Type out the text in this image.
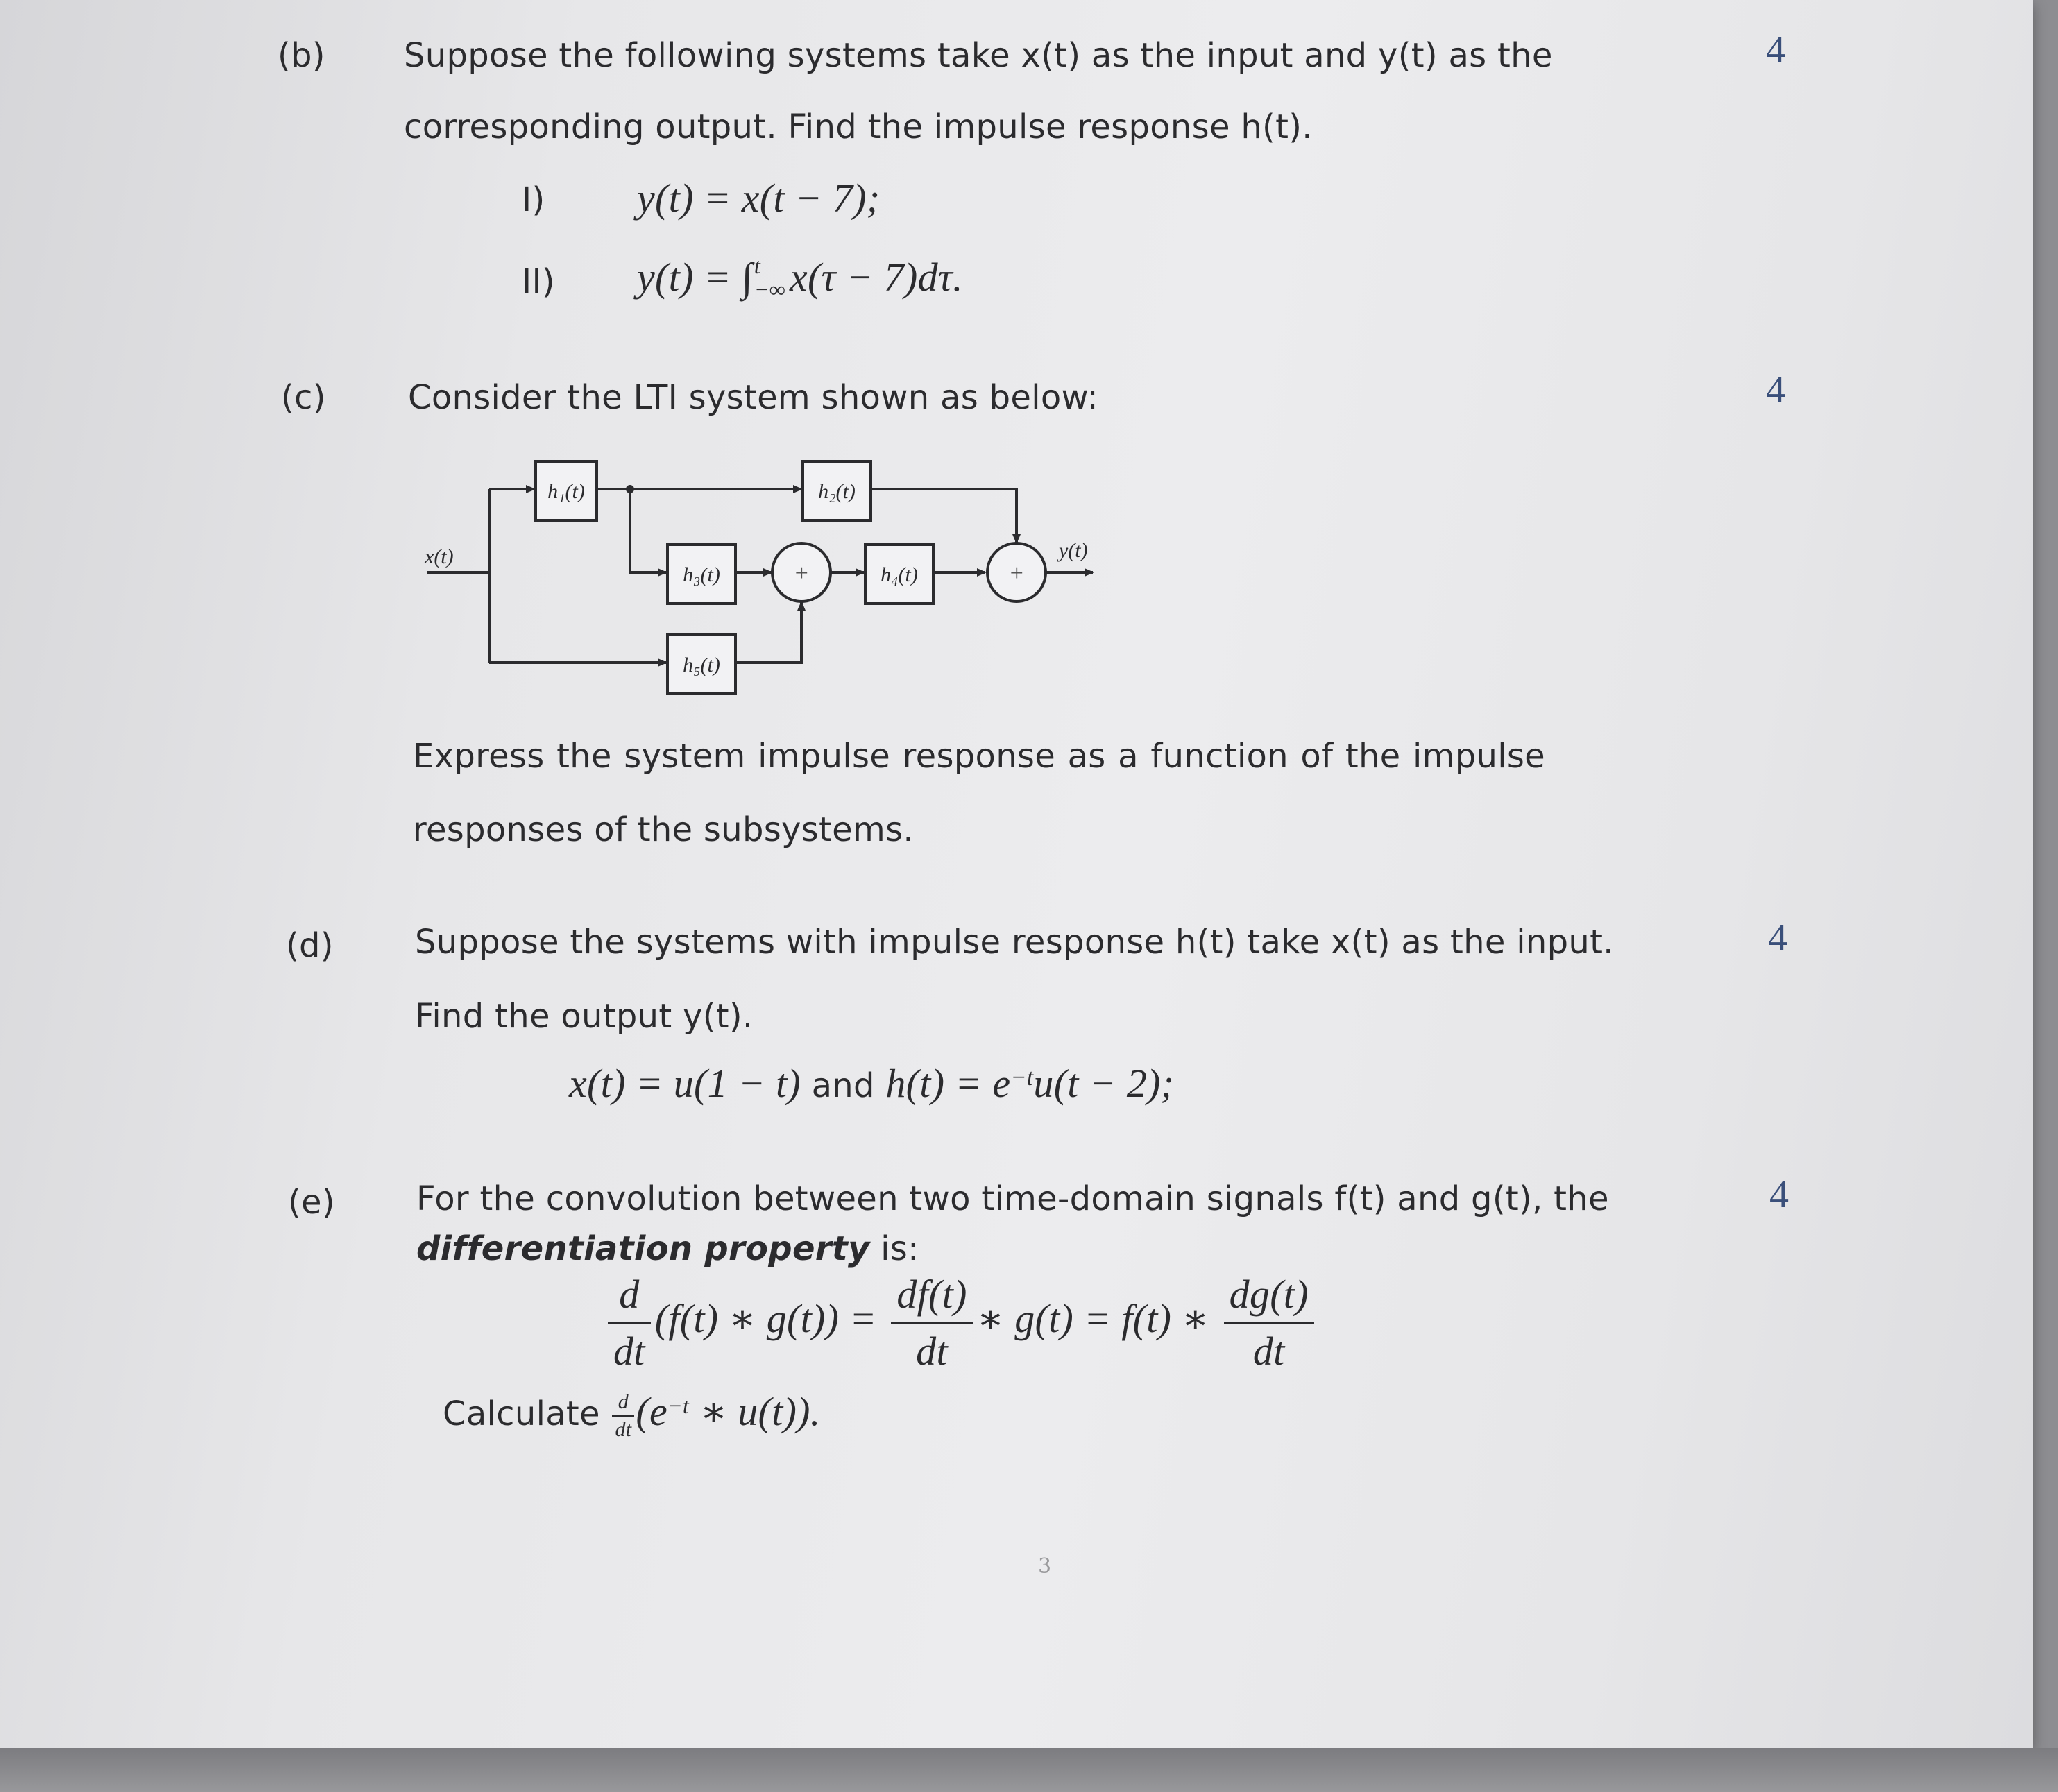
(b) Suppose the following systems take x(t) as the input and y(t) as the	4
corresponding output. Find the impulse response h(t).
I) y(t) = x(t − 7);
II) y(t) = ∫ t
−∞ x(τ − 7)dτ.
(c) Consider the LTI system shown as below:	4
h₁(t)	h₂(t)
h₃(t)	h₄(t)
h₅(t)
x(t)	y(t)
+	+
Express the system impulse response as a function of the impulse
responses of the subsystems.
(d) Suppose the systems with impulse response h(t) take x(t) as the input.	4
Find the output y(t).
x(t) = u(1 − t) and $h(t) = e^{-t}u(t - 2)$;
(e) For the convolution between two time-domain signals f(t) and g(t), the	4
differentiation property is:
$\frac{d}{dt} (f(t)$ ∗ $g(t)) = \frac{df(t)}{dt}$ ∗ g(t) = f(t) ∗ $\frac{dg(t)}{dt}$
Calculate $\frac{d}{dt} (e^{-t}$ ∗ u(t)).
3
